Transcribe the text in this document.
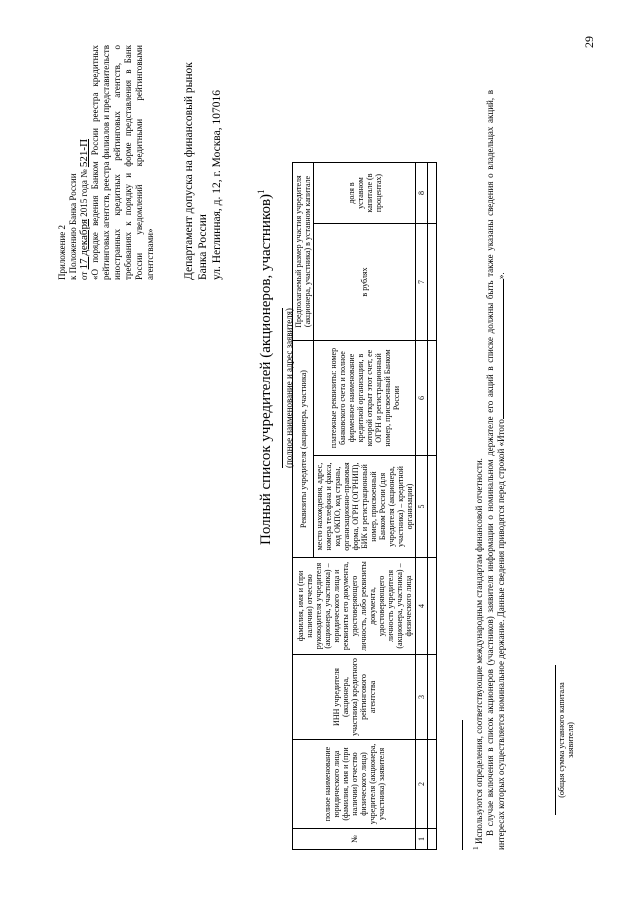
29
Приложение 2 к Положению Банка России от 17 декабря 2015 года № 521-П «О порядке ведения Банком России реестра кредитных рейтинговых агентств, реестра филиалов и представительств иностранных кредитных рейтинговых агентств, о требованиях к порядку и форме представления в Банк России уведомлений кредитными рейтинговыми агентствами» Департамент допуска на финансовый рынок Банка России ул. Неглинная, д. 12, г. Москва, 107016
Полный список учредителей (акционеров, участников)$^1$
(полное наименование и адрес заявителя)
№	полное наименование юридического лица (фамилия, имя и (при наличии) отчество физического лица) учредителя (акционера, участника) заявителя	ИНН учредителя (акционера, участника) кредитного рейтингового агентства	фамилия, имя и (при наличии) отчество руководителя учредителя (акционера, участника) – юридического лица и реквизиты его документа, удостоверяющего личность, либо реквизиты документа, удостоверяющего личность учредителя (акционера, участника) – физического лица	Реквизиты учредителя (акционера, участника)		Предполагаемый размер участия учредителя (акционера, участника) в уставном капитале	
				место нахождения, адрес, номера телефона и факса, код ОКПО, код страны, организационно-правовая форма, ОГРН (ОГРНИП), БИК и регистрационный номер, присвоенный Банком России (для учредителя (акционера, участника) – кредитной организации)	платежные реквизиты: номер банковского счета и полное фирменное наименование кредитной организации, в которой открыт этот счет, ее ОГРН и регистрационный номер, присвоенный Банком России	в рублях	доля в уставном капитале (в процентах)
1	2	3	4	5	6	7	8

$^1$ Используются определения, соответствующие международным стандартам финансовой отчетности. В случае включения в список акционеров (участников) заявителя информации о номинальном держателе его акций в списке должны быть также указаны сведения о владельцах акций, в интересах которых осуществляется номинальное держание. Данные сведения приводятся перед строкой «Итого».

(общая сумма уставного капитала заявителя)
